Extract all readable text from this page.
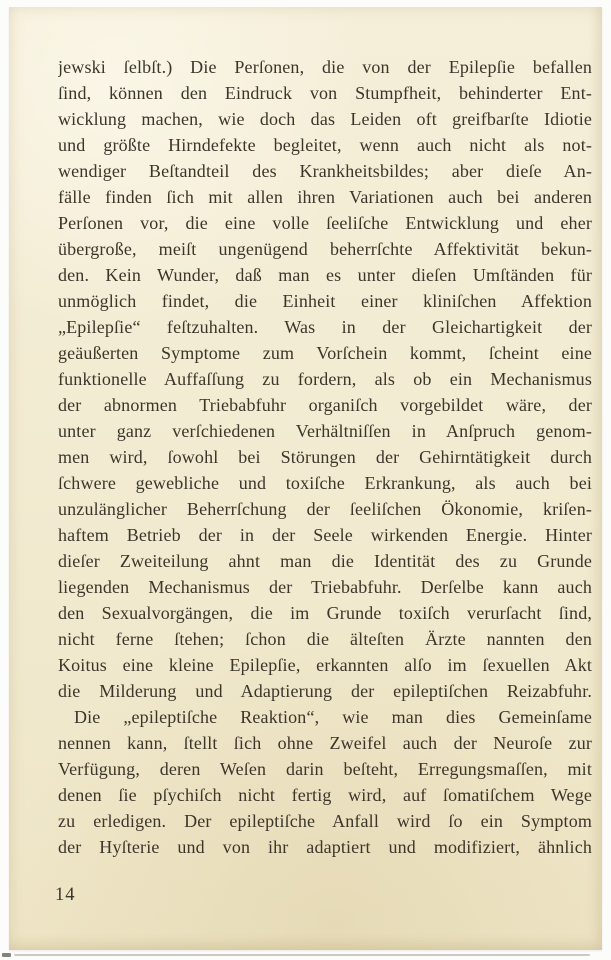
jewski ſelbſt.) Die Perſonen, die von der Epilepſie befallen
ſind, können den Eindruck von Stumpfheit, behinderter Ent-
wicklung machen, wie doch das Leiden oft greifbarſte Idiotie
und größte Hirndefekte begleitet, wenn auch nicht als not-
wendiger Beſtandteil des Krankheitsbildes; aber dieſe An-
fälle finden ſich mit allen ihren Variationen auch bei anderen
Perſonen vor, die eine volle ſeeliſche Entwicklung und eher
übergroße, meiſt ungenügend beherrſchte Affektivität bekun-
den. Kein Wunder, daß man es unter dieſen Umſtänden für
unmöglich findet, die Einheit einer kliniſchen Affektion
„Epilepſie“ feſtzuhalten. Was in der Gleichartigkeit der
geäußerten Symptome zum Vorſchein kommt, ſcheint eine
funktionelle Auffaſſung zu fordern, als ob ein Mechanismus
der abnormen Triebabfuhr organiſch vorgebildet wäre, der
unter ganz verſchiedenen Verhältniſſen in Anſpruch genom-
men wird, ſowohl bei Störungen der Gehirntätigkeit durch
ſchwere gewebliche und toxiſche Erkrankung, als auch bei
unzulänglicher Beherrſchung der ſeeliſchen Ökonomie, kriſen-
haftem Betrieb der in der Seele wirkenden Energie. Hinter
dieſer Zweiteilung ahnt man die Identität des zu Grunde
liegenden Mechanismus der Triebabfuhr. Derſelbe kann auch
den Sexualvorgängen, die im Grunde toxiſch verurſacht ſind,
nicht ferne ſtehen; ſchon die älteſten Ärzte nannten den
Koitus eine kleine Epilepſie, erkannten alſo im ſexuellen Akt
die Milderung und Adaptierung der epileptiſchen Reizabfuhr.
Die „epileptiſche Reaktion“, wie man dies Gemeinſame
nennen kann, ſtellt ſich ohne Zweifel auch der Neuroſe zur
Verfügung, deren Weſen darin beſteht, Erregungsmaſſen, mit
denen ſie pſychiſch nicht fertig wird, auf ſomatiſchem Wege
zu erledigen. Der epileptiſche Anfall wird ſo ein Symptom
der Hyſterie und von ihr adaptiert und modifiziert, ähnlich
14
